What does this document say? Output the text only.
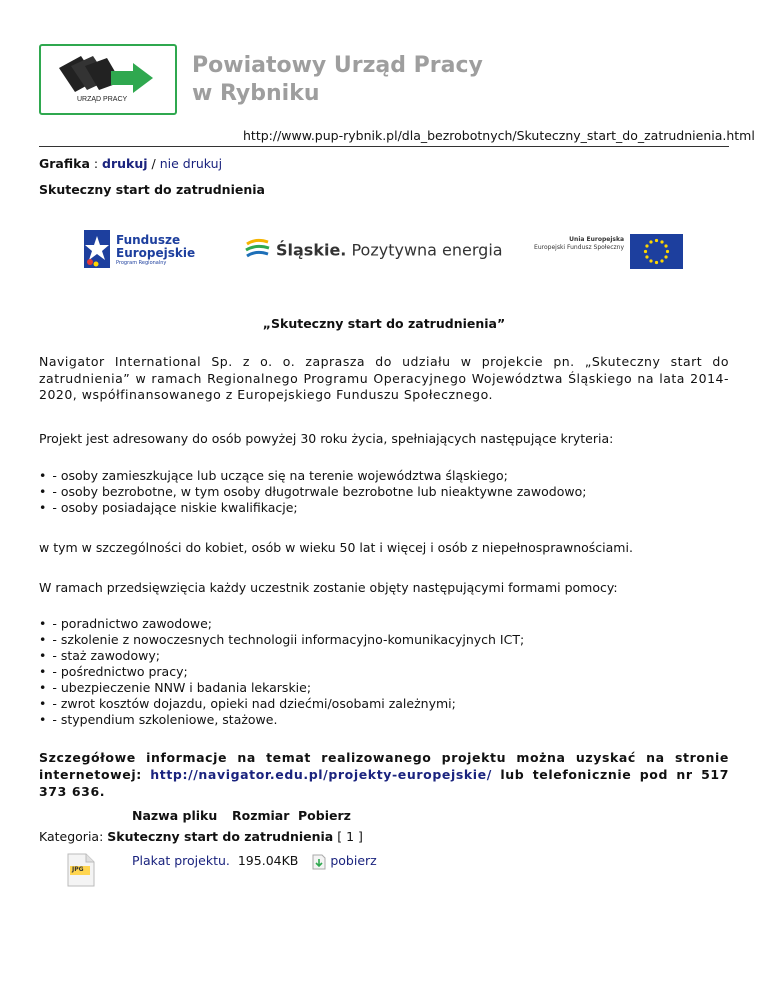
URZĄD PRACY
Powiatowy Urząd Pracy
w Rybniku
http://www.pup-rybnik.pl/dla_bezrobotnych/Skuteczny_start_do_zatrudnienia.html
Grafika : drukuj / nie drukuj
Skuteczny start do zatrudnienia
Fundusze
Europejskie
Program Regionalny
Śląskie. Pozytywna energia
Unia Europejska
Europejski Fundusz Społeczny
„Skuteczny start do zatrudnienia”
Navigator International Sp. z o. o. zaprasza do udziału w projekcie pn. „Skuteczny start do zatrudnienia” w ramach Regionalnego Programu Operacyjnego Województwa Śląskiego na lata 2014-2020, współfinansowanego z Europejskiego Funduszu Społecznego.
Projekt jest adresowany do osób powyżej 30 roku życia, spełniających następujące kryteria:
• - osoby zamieszkujące lub uczące się na terenie województwa śląskiego;
• - osoby bezrobotne, w tym osoby długotrwale bezrobotne lub nieaktywne zawodowo;
• - osoby posiadające niskie kwalifikacje;
w tym w szczególności do kobiet, osób w wieku 50 lat i więcej i osób z niepełnosprawnościami.
W ramach przedsięwzięcia każdy uczestnik zostanie objęty następującymi formami pomocy:
• - poradnictwo zawodowe;
• - szkolenie z nowoczesnych technologii informacyjno-komunikacyjnych ICT;
• - staż zawodowy;
• - pośrednictwo pracy;
• - ubezpieczenie NNW i badania lekarskie;
• - zwrot kosztów dojazdu, opieki nad dziećmi/osobami zależnymi;
• - stypendium szkoleniowe, stażowe.
Szczegółowe informacje na temat realizowanego projektu można uzyskać na stronie internetowej: http://navigator.edu.pl/projekty-europejskie/ lub telefonicznie pod nr 517 373 636.
Nazwa pliku Rozmiar Pobierz
Kategoria: Skuteczny start do zatrudnienia [ 1 ]
JPG
Plakat projektu. 195.04KB	pobierz
